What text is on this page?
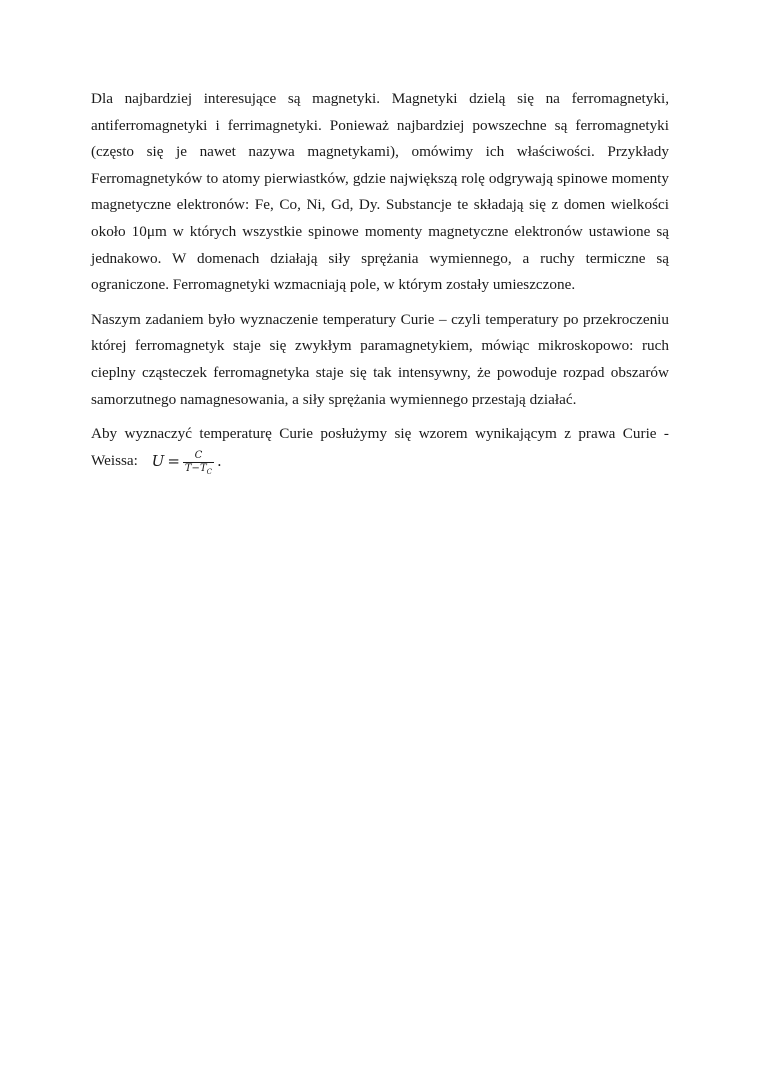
Dla najbardziej interesujące są magnetyki. Magnetyki dzielą się na ferromagnetyki, antiferromagnetyki i ferrimagnetyki. Ponieważ najbardziej powszechne są ferromagnetyki (często się je nawet nazywa magnetykami), omówimy ich właściwości. Przykłady Ferromagnetyków to atomy pierwiastków, gdzie największą rolę odgrywają spinowe momenty magnetyczne elektronów: Fe, Co, Ni, Gd, Dy. Substancje te składają się z domen wielkości około 10μm w których wszystkie spinowe momenty magnetyczne elektronów ustawione są jednakowo. W domenach działają siły sprężania wymiennego, a ruchy termiczne są ograniczone. Ferromagnetyki wzmacniają pole, w którym zostały umieszczone.

Naszym zadaniem było wyznaczenie temperatury Curie – czyli temperatury po przekroczeniu której ferromagnetyk staje się zwykłym paramagnetykiem, mówiąc mikroskopowo: ruch cieplny cząsteczek ferromagnetyka staje się tak intensywny, że powoduje rozpad obszarów samorzutnego namagnesowania, a siły sprężania wymiennego przestają działać.

Aby wyznaczyć temperaturę Curie posłużymy się wzorem wynikającym z prawa Curie -
Weissa: $U = \frac{C}{T-T_C}$ .
